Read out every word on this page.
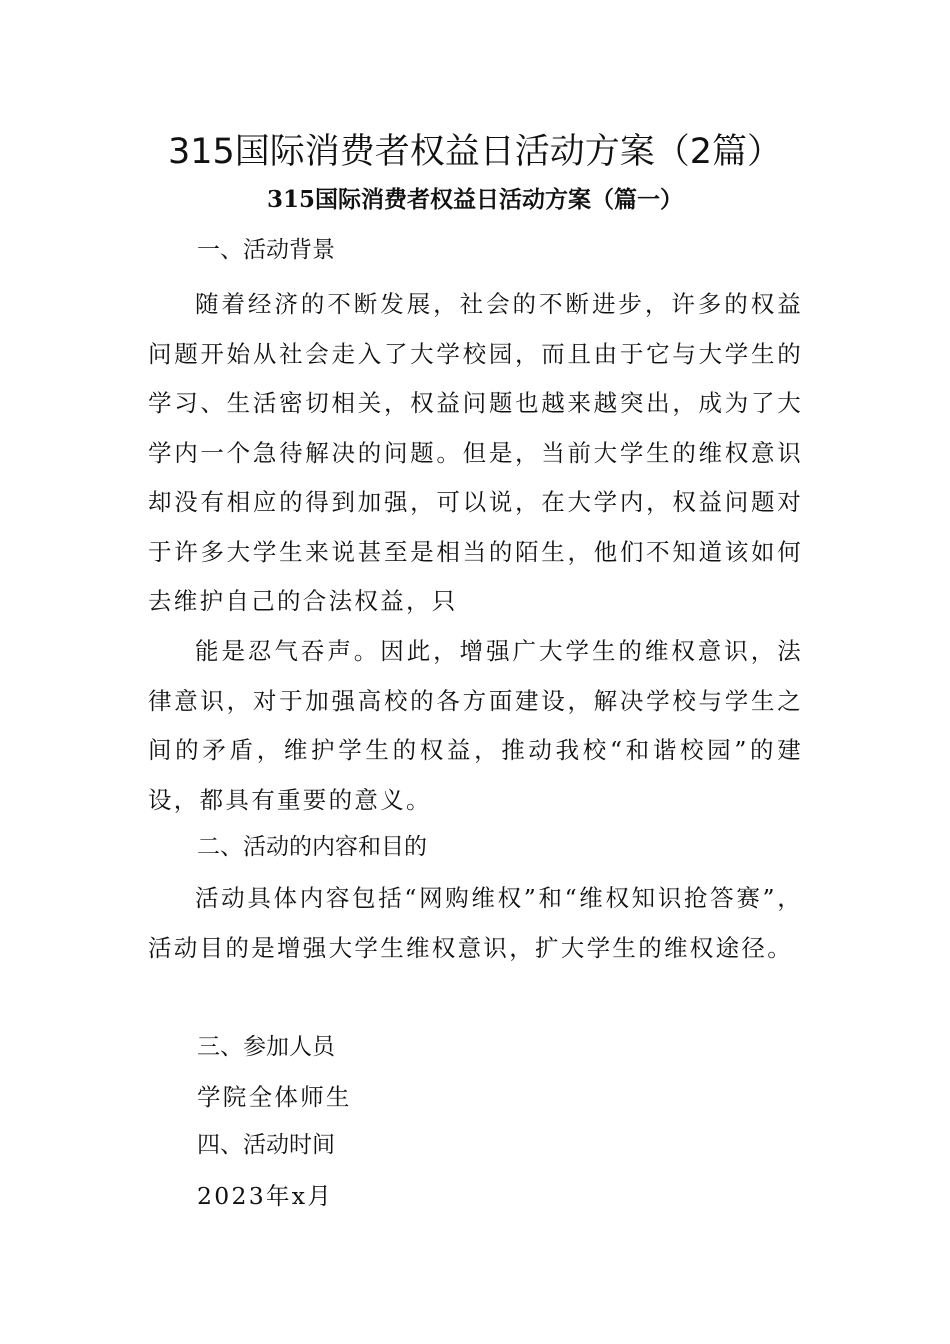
315国际消费者权益日活动方案（2篇）
315国际消费者权益日活动方案（篇一）
一、活动背景

随着经济的不断发展，社会的不断进步，许多的权益问题开始从社会走入了大学校园，而且由于它与大学生的学习、生活密切相关，权益问题也越来越突出，成为了大学内一个急待解决的问题。但是，当前大学生的维权意识却没有相应的得到加强，可以说，在大学内，权益问题对于许多大学生来说甚至是相当的陌生，他们不知道该如何去维护自己的合法权益，只

能是忍气吞声。因此，增强广大学生的维权意识，法律意识，对于加强高校的各方面建设，解决学校与学生之间的矛盾，维护学生的权益，推动我校“和谐校园”的建设，都具有重要的意义。

二、活动的内容和目的

活动具体内容包括“网购维权”和“维权知识抢答赛”，活动目的是增强大学生维权意识，扩大学生的维权途径。

三、参加人员

学院全体师生

四、活动时间

2023年x月
